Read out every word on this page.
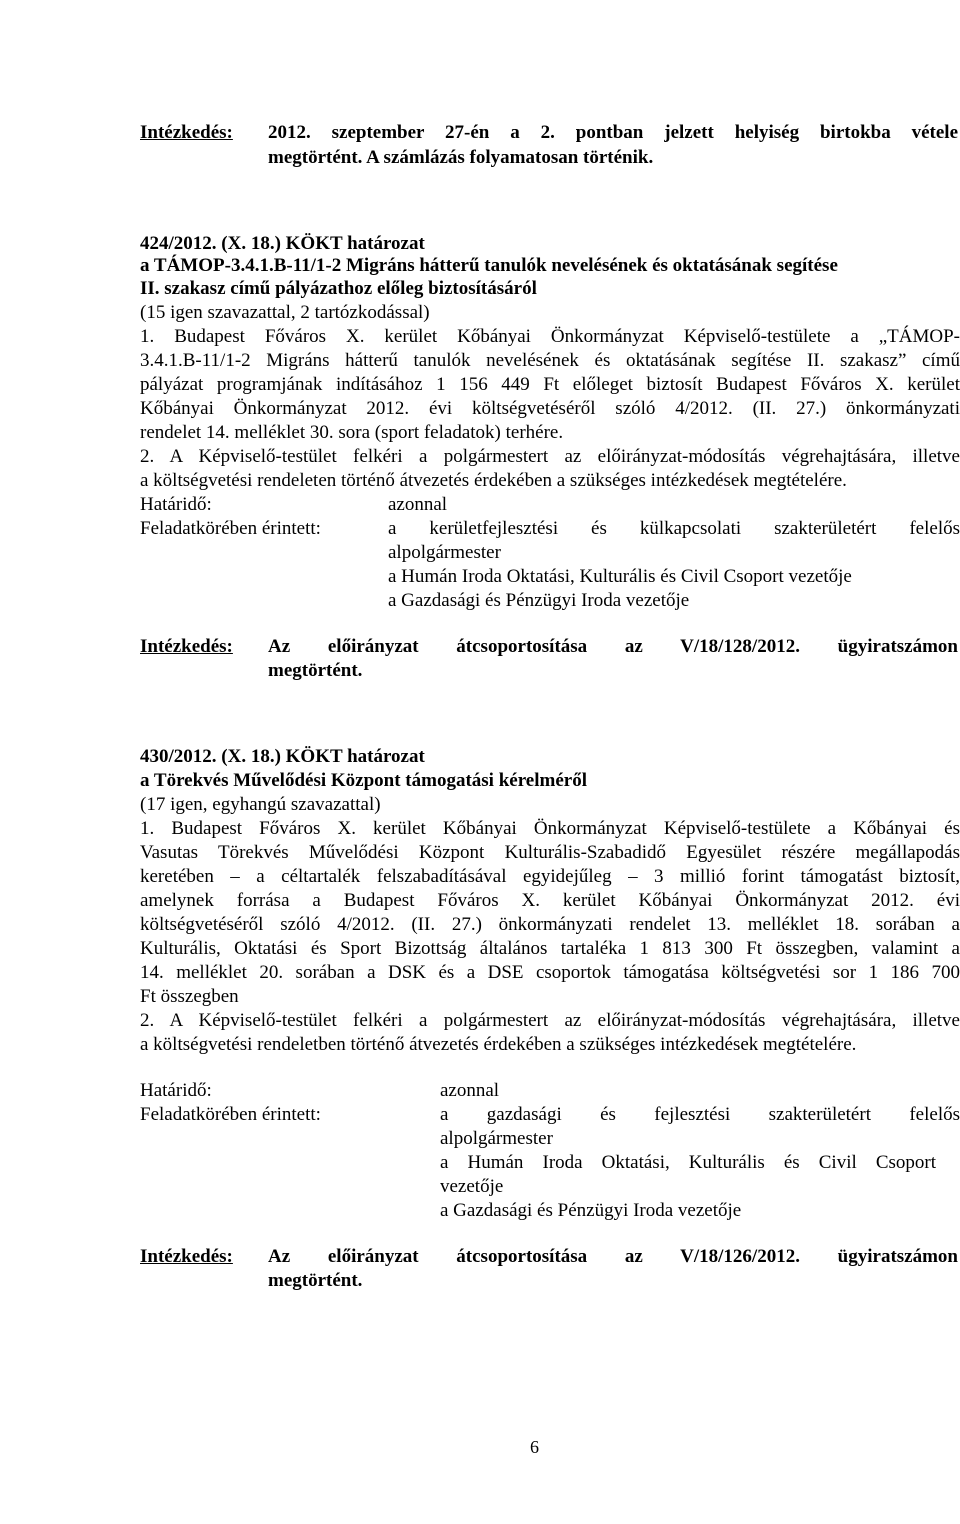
Intézkedés:	2012. szeptember 27-én a 2. pontban jelzett helyiség birtokba vétele
megtörtént. A számlázás folyamatosan történik.
424/2012. (X. 18.) KÖKT határozat
a TÁMOP-3.4.1.B-11/1-2 Migráns hátterű tanulók nevelésének és oktatásának segítése
II. szakasz című pályázathoz előleg biztosításáról
(15 igen szavazattal, 2 tartózkodással)
1. Budapest Főváros X. kerület Kőbányai Önkormányzat Képviselő-testülete a „TÁMOP-
3.4.1.B-11/1-2 Migráns hátterű tanulók nevelésének és oktatásának segítése II. szakasz” című
pályázat programjának indításához 1 156 449 Ft előleget biztosít Budapest Főváros X. kerület
Kőbányai Önkormányzat 2012. évi költségvetéséről szóló 4/2012. (II. 27.) önkormányzati
rendelet 14. melléklet 30. sora (sport feladatok) terhére.
2. A Képviselő-testület felkéri a polgármestert az előirányzat-módosítás végrehajtására, illetve
a költségvetési rendeleten történő átvezetés érdekében a szükséges intézkedések megtételére.
Határidő:	azonnal
Feladatkörében érintett:	a kerületfejlesztési és külkapcsolati szakterületért felelős
alpolgármester
a Humán Iroda Oktatási, Kulturális és Civil Csoport vezetője
a Gazdasági és Pénzügyi Iroda vezetője
Intézkedés:	Az előirányzat átcsoportosítása az V/18/128/2012. ügyiratszámon
megtörtént.
430/2012. (X. 18.) KÖKT határozat
a Törekvés Művelődési Központ támogatási kérelméről
(17 igen, egyhangú szavazattal)
1. Budapest Főváros X. kerület Kőbányai Önkormányzat Képviselő-testülete a Kőbányai és
Vasutas Törekvés Művelődési Központ Kulturális-Szabadidő Egyesület részére megállapodás
keretében – a céltartalék felszabadításával egyidejűleg – 3 millió forint támogatást biztosít,
amelynek forrása a Budapest Főváros X. kerület Kőbányai Önkormányzat 2012. évi
költségvetéséről szóló 4/2012. (II. 27.) önkormányzati rendelet 13. melléklet 18. sorában a
Kulturális, Oktatási és Sport Bizottság általános tartaléka 1 813 300 Ft összegben, valamint a
14. melléklet 20. sorában a DSK és a DSE csoportok támogatása költségvetési sor 1 186 700
Ft összegben
2. A Képviselő-testület felkéri a polgármestert az előirányzat-módosítás végrehajtására, illetve
a költségvetési rendeletben történő átvezetés érdekében a szükséges intézkedések megtételére.
Határidő:	azonnal
Feladatkörében érintett:	a gazdasági és fejlesztési szakterületért felelős
alpolgármester
a Humán Iroda Oktatási, Kulturális és Civil Csoport
vezetője
a Gazdasági és Pénzügyi Iroda vezetője
Intézkedés:	Az előirányzat átcsoportosítása az V/18/126/2012. ügyiratszámon
megtörtént.
6
